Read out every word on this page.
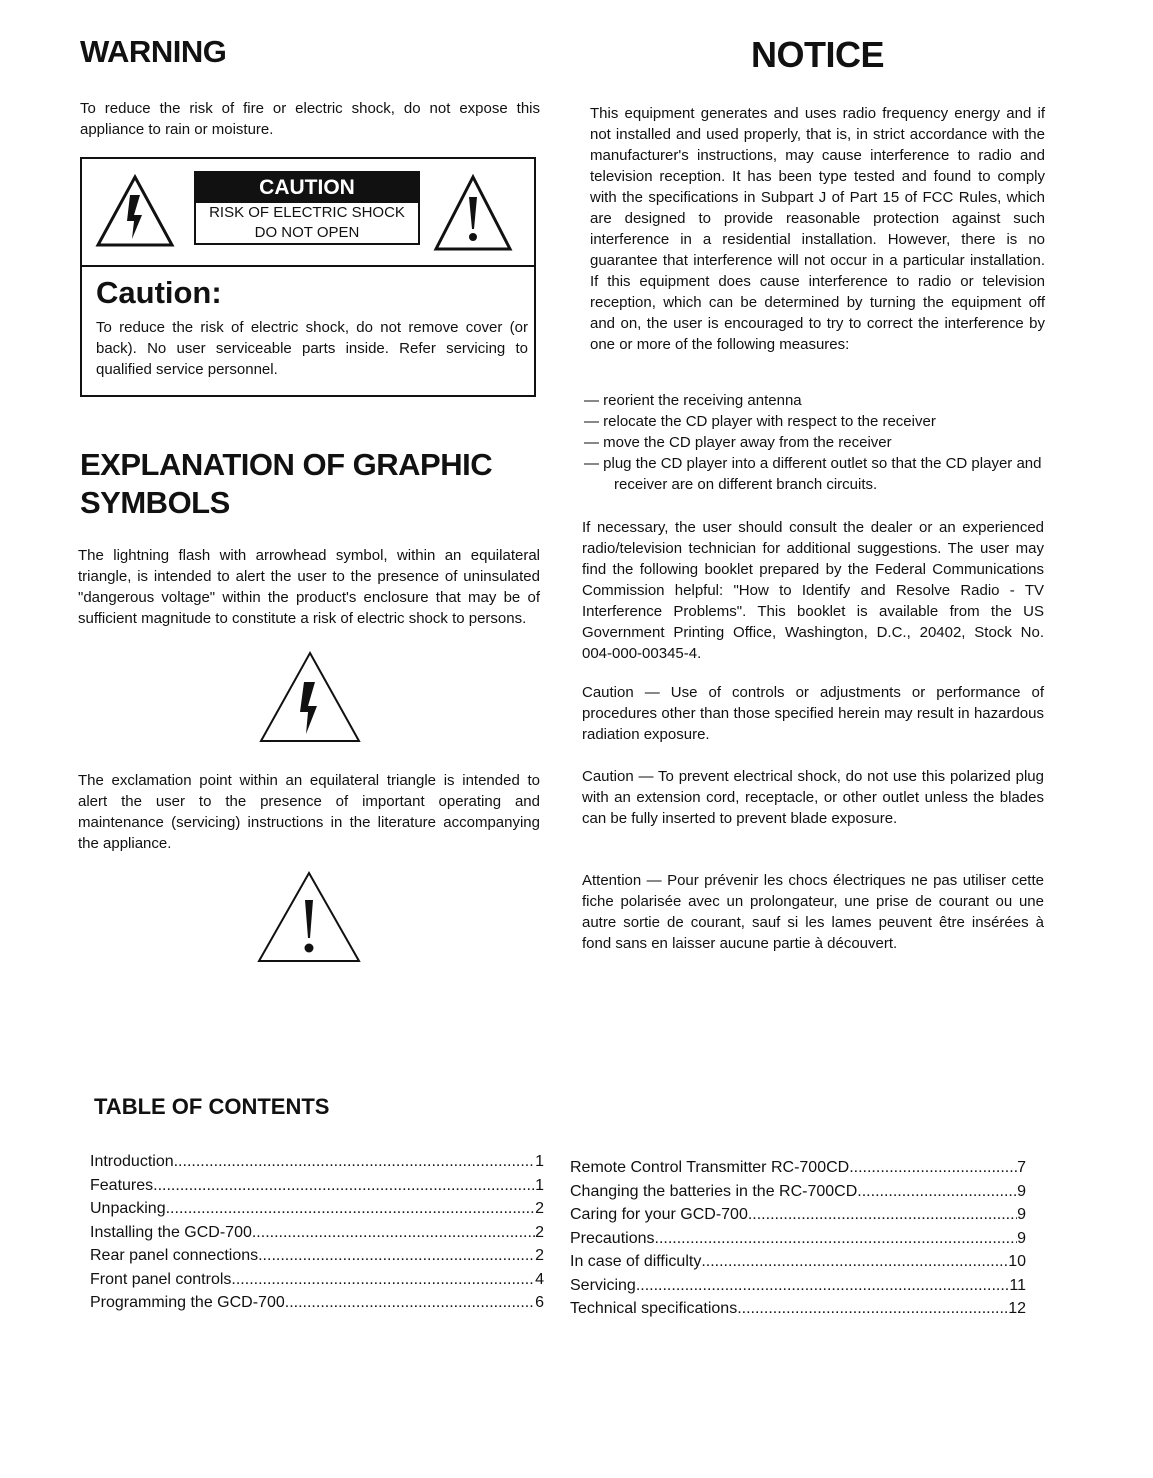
WARNING
To reduce the risk of fire or electric shock, do not expose this appliance to rain or moisture.
CAUTION
RISK OF ELECTRIC SHOCK
DO NOT OPEN
Caution:
To reduce the risk of electric shock, do not remove cover (or back). No user serviceable parts inside. Refer servicing to qualified service personnel.
EXPLANATION OF GRAPHIC SYMBOLS
The lightning flash with arrowhead symbol, within an equilateral triangle, is intended to alert the user to the presence of uninsulated "dangerous voltage" within the product's enclosure that may be of sufficient magnitude to constitute a risk of electric shock to persons.
The exclamation point within an equilateral triangle is intended to alert the user to the presence of important operating and maintenance (servicing) instructions in the literature accompanying the appliance.
NOTICE
This equipment generates and uses radio frequency energy and if not installed and used properly, that is, in strict accordance with the manufacturer's instructions, may cause interference to radio and television reception. It has been type tested and found to comply with the specifications in Subpart J of Part 15 of FCC Rules, which are designed to provide reasonable protection against such interference in a residential installation. However, there is no guarantee that interference will not occur in a particular installation. If this equipment does cause interference to radio or television reception, which can be determined by turning the equipment off and on, the user is encouraged to try to correct the interference by one or more of the following measures:
— reorient the receiving antenna
— relocate the CD player with respect to the receiver
— move the CD player away from the receiver
— plug the CD player into a different outlet so that the CD player and receiver are on different branch circuits.
If necessary, the user should consult the dealer or an experienced radio/television technician for additional suggestions. The user may find the following booklet prepared by the Federal Communications Commission helpful: "How to Identify and Resolve Radio - TV Interference Problems". This booklet is available from the US Government Printing Office, Washington, D.C., 20402, Stock No. 004-000-00345-4.
Caution — Use of controls or adjustments or performance of procedures other than those specified herein may result in hazardous radiation exposure.
Caution — To prevent electrical shock, do not use this polarized plug with an extension cord, receptacle, or other outlet unless the blades can be fully inserted to prevent blade exposure.
Attention — Pour prévenir les chocs électriques ne pas utiliser cette fiche polarisée avec un prolongateur, une prise de courant ou une autre sortie de courant, sauf si les lames peuvent être insérées à fond sans en laisser aucune partie à découvert.
TABLE OF CONTENTS
Introduction .....	1
Features .....	1
Unpacking .....	2
Installing the GCD-700 .....	2
Rear panel connections .....	2
Front panel controls .....	4
Programming the GCD-700 .....	6
Remote Control Transmitter RC-700CD .....	7
Changing the batteries in the RC-700CD .....	9
Caring for your GCD-700 .....	9
Precautions .....	9
In case of difficulty .....	10
Servicing .....	11
Technical specifications .....	12
